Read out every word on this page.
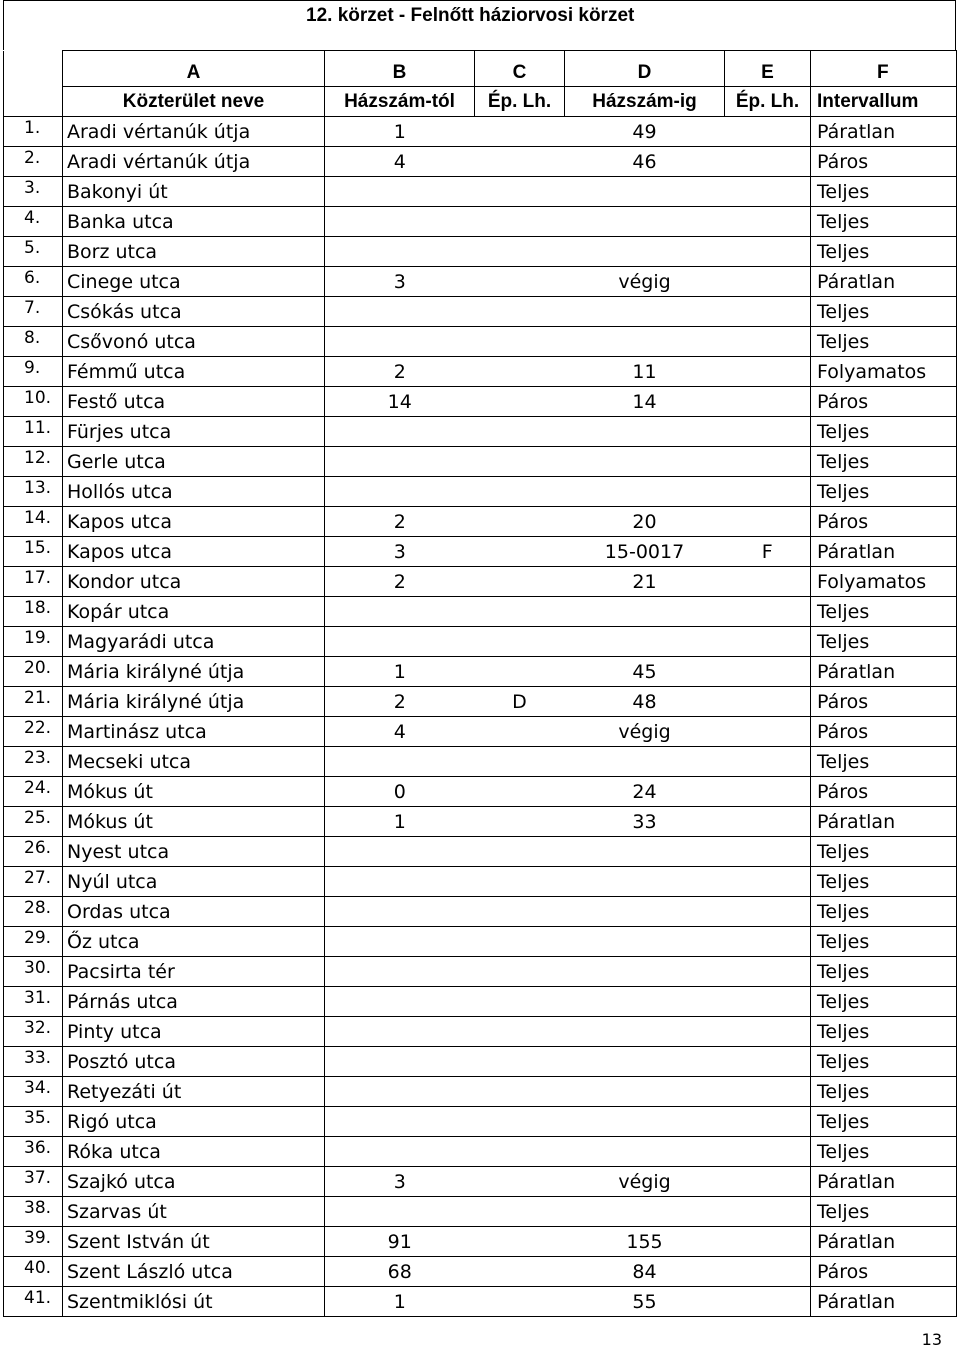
12. körzet - Felnőtt háziorvosi körzet
	A	B	C	D	E	F
	Közterület neve	Házszám-tól	Ép. Lh.	Házszám-ig	Ép. Lh.	Intervallum
1.	Aradi vértanúk útja	1		49		Páratlan
2.	Aradi vértanúk útja	4		46		Páros
3.	Bakonyi út					Teljes
4.	Banka utca					Teljes
5.	Borz utca					Teljes
6.	Cinege utca	3		végig		Páratlan
7.	Csókás utca					Teljes
8.	Csővonó utca					Teljes
9.	Fémmű utca	2		11		Folyamatos
10.	Festő utca	14		14		Páros
11.	Fürjes utca					Teljes
12.	Gerle utca					Teljes
13.	Hollós utca					Teljes
14.	Kapos utca	2		20		Páros
15.	Kapos utca	3		15-0017	F	Páratlan
17.	Kondor utca	2		21		Folyamatos
18.	Kopár utca					Teljes
19.	Magyarádi utca					Teljes
20.	Mária királyné útja	1		45		Páratlan
21.	Mária királyné útja	2	D	48		Páros
22.	Martinász utca	4		végig		Páros
23.	Mecseki utca					Teljes
24.	Mókus út	0		24		Páros
25.	Mókus út	1		33		Páratlan
26.	Nyest utca					Teljes
27.	Nyúl utca					Teljes
28.	Ordas utca					Teljes
29.	Őz utca					Teljes
30.	Pacsirta tér					Teljes
31.	Párnás utca					Teljes
32.	Pinty utca					Teljes
33.	Posztó utca					Teljes
34.	Retyezáti út					Teljes
35.	Rigó utca					Teljes
36.	Róka utca					Teljes
37.	Szajkó utca	3		végig		Páratlan
38.	Szarvas út					Teljes
39.	Szent István út	91		155		Páratlan
40.	Szent László utca	68		84		Páros
41.	Szentmiklósi út	1		55		Páratlan
13
